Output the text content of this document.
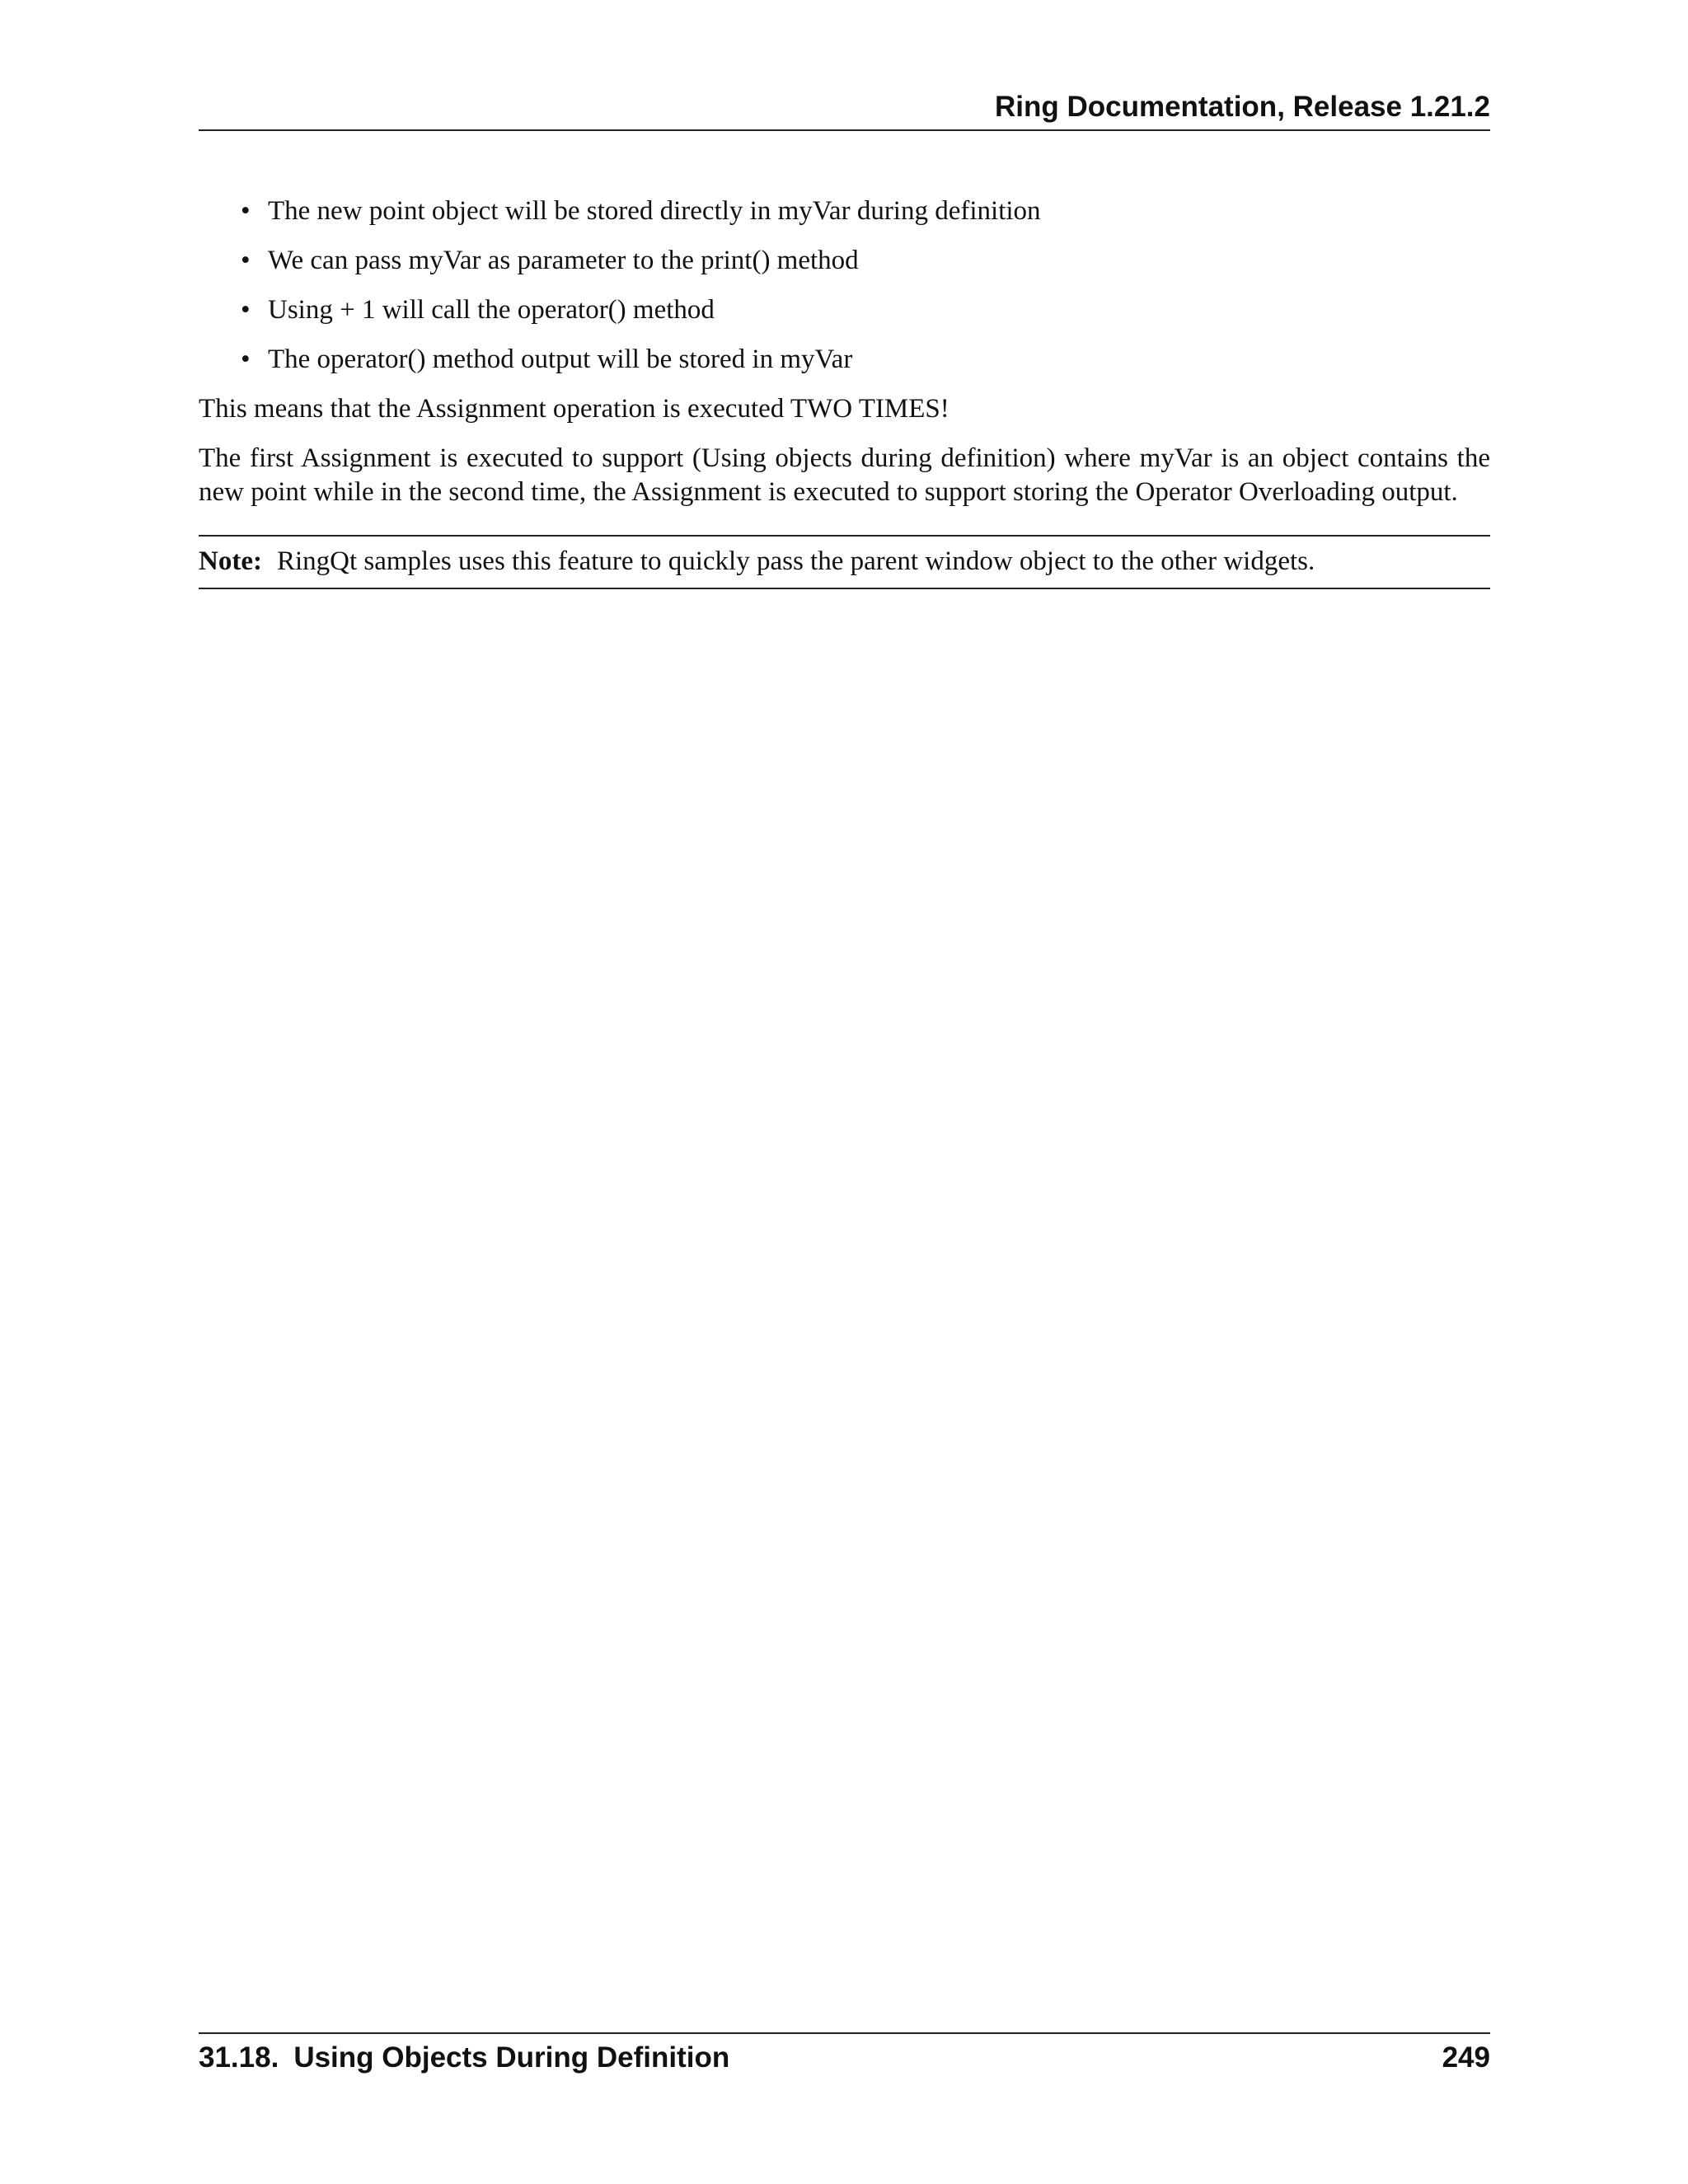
Ring Documentation, Release 1.21.2
• The new point object will be stored directly in myVar during definition
• We can pass myVar as parameter to the print() method
• Using + 1 will call the operator() method
• The operator() method output will be stored in myVar

This means that the Assignment operation is executed TWO TIMES!

The first Assignment is executed to support (Using objects during definition) where myVar is an object contains the new point while in the second time, the Assignment is executed to support storing the Operator Overloading output.

Note: RingQt samples uses this feature to quickly pass the parent window object to the other widgets.
31.18. Using Objects During Definition	249
